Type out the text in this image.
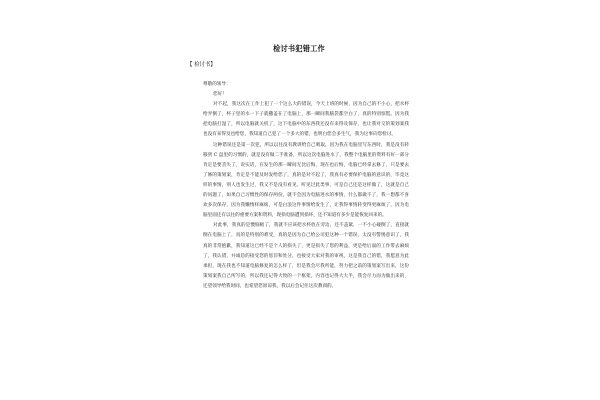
检讨书犯错工作
【 检讨书】
尊敬的领导：
您好！

对不起，我这次在工作上犯了一个这么大的错误，今天上班的时候，因为自己的不小心，把水杯给弄倒了，杯子里的水一下子就撒盖在了电脑上，那一瞬间我脑袋都空白了，真的特别惊慌。因为我把电脑打湿了，所以电脑就关机了，这下电脑中的东西我还没有来得及保存，也让我对交的策划案我也没有来得及也给您，我知道自己犯了一个多大的错，也明白您会多生气，我为这事向您检讨。

这种错误还是第一次犯，所以以往没有教训给自己吸取，因为我在电脑里写东西时，我是没有转移到 C 盘里的习惯的，就是没有做二手准备，所以这次电脑进水了，我整个电脑里的资料有好一部分肯定是要丢失了，说实话，在发生的那一瞬间无比后悔，现在也后悔，电脑已经拿去修了，只是要去了修的策划案，肯定是不能及时发给您了，真的是对不起了，我真有必要保护电脑的意识的，毕竟这样的事情，别人也发生过，我又不是没有看见，听见过此类事，可是自己还是这样做了，这就是自己的问题了，如果自己习惯性的保存两份，就不会因为电脑进水的事情，什么都做不了，我一想都不喜欢多次保存，因为我懒惰样麻烦，可是白浪这件事情给发生了，让我得事情转变得更麻烦了，因为电脑里面还有以往的重要方案和资料，现损电脑遭到损坏，还不知道有多少是能恢复回来的。

对此事，我真的是懊恼极了，我就不应该把水杯放在旁边，还不盖紧，一不小心碰倒了，直接就倒在电脑上了，真的是特别的难受，真的是因为自己给公司犯这种一个错误，太没有警惕意识了，我真的非常抱歉，我知道这已经不是个人的损失了，更是损失了您的利益，更是给后面的工作带去麻烦了，我认错，并诚恳的接受您的惩罚和处分，也接受大家对我的审视，这是我自己的错，我愿意为此承担，现在我也不知道电脑修复的怎么样了，但是我会尽我所能，努力把之前的策划案写出来，这份策划案我自己所写的，所以我还记得大致的一个框架，内容也记得大大半，我会尽力而为做出来的，还望领导给我时间，也希望您原谅我，我以后会记住这次教训的。
